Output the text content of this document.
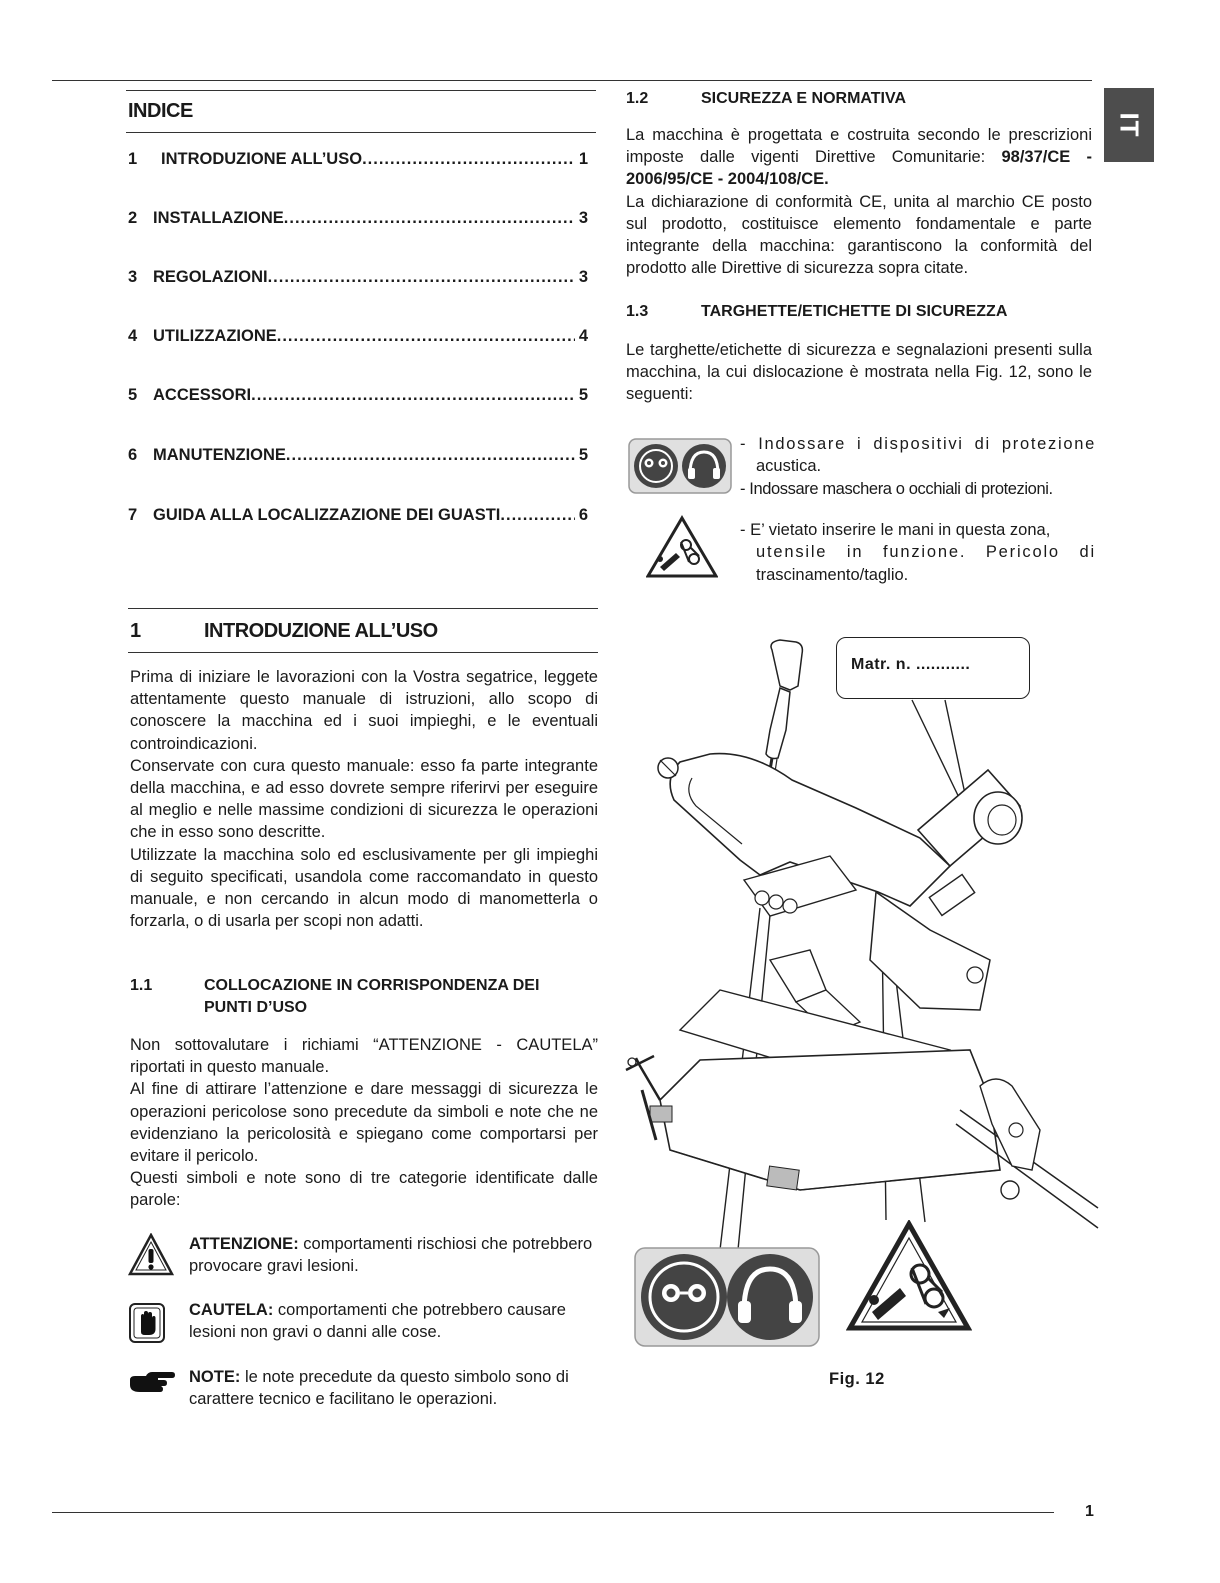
IT
INDICE
1	INTRODUZIONE ALL’USO .....	1
2 INSTALLAZIONE .....	3
3 REGOLAZIONI .....	3
4 UTILIZZAZIONE .....	4
5 ACCESSORI .....	5
6 MANUTENZIONE .....	5
7 GUIDA ALLA LOCALIZZAZIONE DEI GUASTI .....	6
1	INTRODUZIONE ALL’USO

Prima di iniziare le lavorazioni con la Vostra segatrice, leggete attentamente questo manuale di istruzioni, allo scopo di conoscere la macchina ed i suoi impieghi, e le eventuali controindicazioni.

Conservate con cura questo manuale: esso fa parte integrante della macchina, e ad esso dovrete sempre riferirvi per eseguire al meglio e nelle massime condizioni di sicurezza le operazioni che in esso sono descritte.

Utilizzate la macchina solo ed esclusivamente per gli impieghi di seguito specificati, usandola come raccomandato in questo manuale, e non cercando in alcun modo di manometterla o forzarla, o di usarla per scopi non adatti.

1.1	COLLOCAZIONE IN CORRISPONDENZA DEI
PUNTI D’USO

Non sottovalutare i richiami “ATTENZIONE - CAUTELA” riportati in questo manuale.

Al fine di attirare l’attenzione e dare messaggi di sicurezza le operazioni pericolose sono precedute da simboli e note che ne evidenziano la pericolosità e spiegano come comportarsi per evitare il pericolo.

Questi simboli e note sono di tre categorie identificate dalle parole:

ATTENZIONE: comportamenti rischiosi che potrebbero provocare gravi lesioni.
CAUTELA: comportamenti che potrebbero causare lesioni non gravi o danni alle cose.
NOTE: le note precedute da questo simbolo sono di carattere tecnico e facilitano le operazioni.
1.2	SICUREZZA E NORMATIVA

La macchina è progettata e costruita secondo le prescrizioni imposte dalle vigenti Direttive Comunitarie: 98/37/CE - 2006/95/CE - 2004/108/CE.

La dichiarazione di conformità CE, unita al marchio CE posto sul prodotto, costituisce elemento fondamentale e parte integrante della macchina: garantiscono la conformità del prodotto alle Direttive di sicurezza sopra citate.

1.3	TARGHETTE/ETICHETTE DI SICUREZZA

Le targhette/etichette di sicurezza e segnalazioni presenti sulla macchina, la cui dislocazione è mostrata nella Fig. 12, sono le seguenti:

- Indossare i dispositivi di protezione
acustica.
- Indossare maschera o occhiali di protezioni.
- E’ vietato inserire le mani in questa zona,
utensile in funzione. Pericolo di
trascinamento/taglio.
Matr. n. ...........
Fig. 12
1
